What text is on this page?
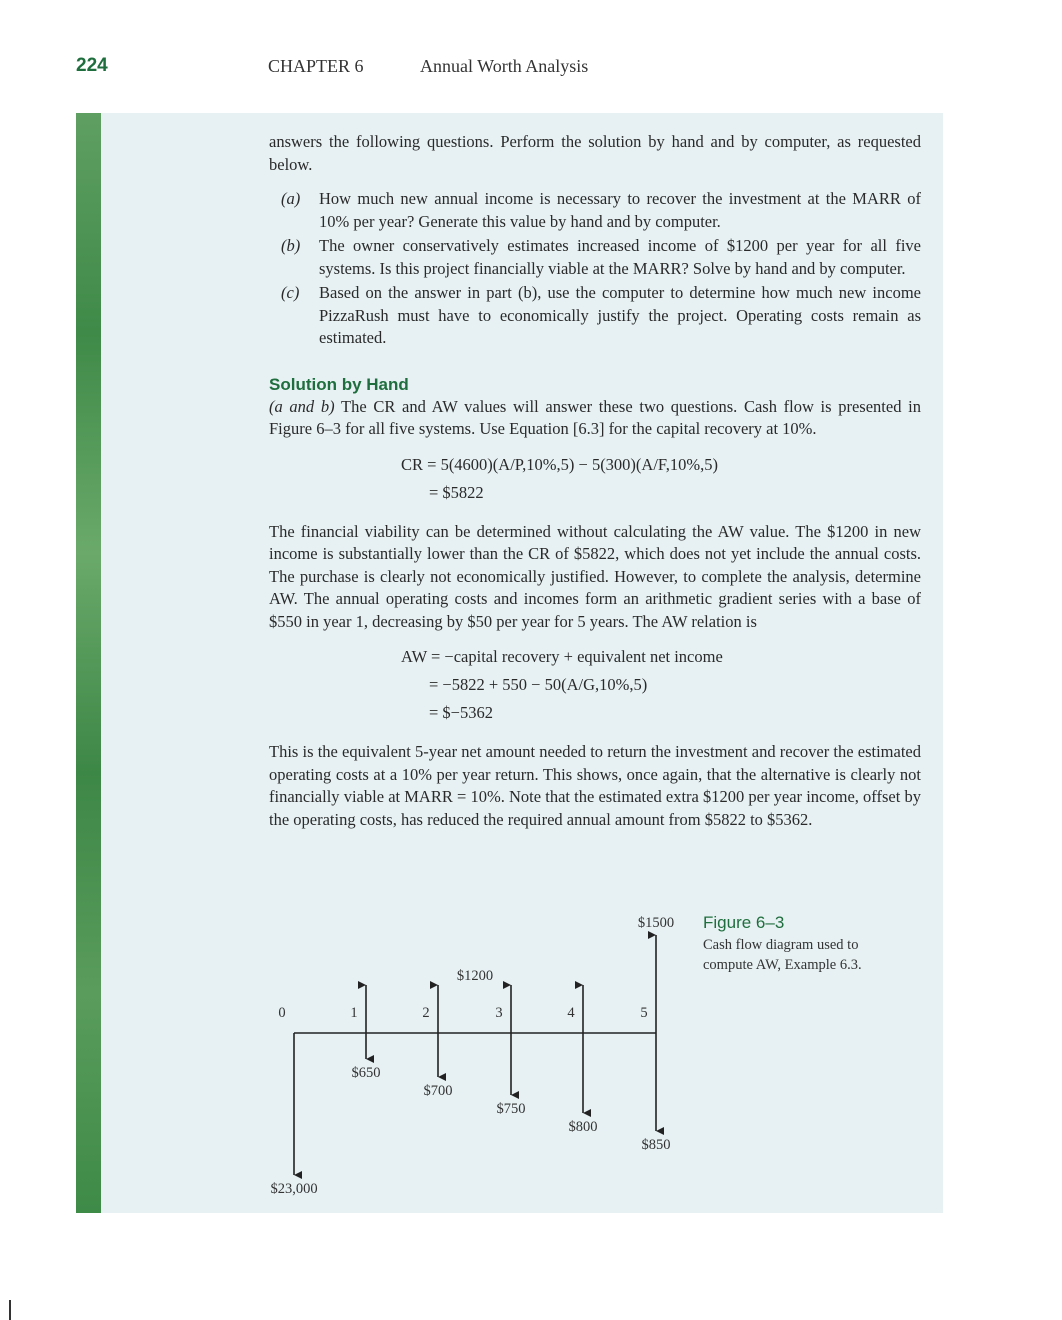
224	CHAPTER 6	Annual Worth Analysis

answers the following questions. Perform the solution by hand and by computer, as requested below.

(a)	How much new annual income is necessary to recover the investment at the MARR of 10% per year? Generate this value by hand and by computer.
(b)	The owner conservatively estimates increased income of $1200 per year for all five systems. Is this project financially viable at the MARR? Solve by hand and by computer.
(c)	Based on the answer in part (b), use the computer to determine how much new income PizzaRush must have to economically justify the project. Operating costs remain as estimated.
Solution by Hand

(a and b) The CR and AW values will answer these two questions. Cash flow is presented in Figure 6–3 for all five systems. Use Equation [6.3] for the capital recovery at 10%.

CR = 5(4600)(A/P,10%,5) − 5(300)(A/F,10%,5)
= $5822

The financial viability can be determined without calculating the AW value. The $1200 in new income is substantially lower than the CR of $5822, which does not yet include the annual costs. The purchase is clearly not economically justified. However, to complete the analysis, determine AW. The annual operating costs and incomes form an arithmetic gradient series with a base of $550 in year 1, decreasing by $50 per year for 5 years. The AW relation is

AW = −capital recovery + equivalent net income
= −5822 + 550 − 50(A/G,10%,5)
= $−5362

This is the equivalent 5-year net amount needed to return the investment and recover the estimated operating costs at a 10% per year return. This shows, once again, that the alternative is clearly not financially viable at MARR = 10%. Note that the estimated extra $1200 per year income, offset by the operating costs, has reduced the required annual amount from $5822 to $5362.

Figure 6–3
Cash flow diagram used to compute AW, Example 6.3.
$23,000
$650
$700
$750
$800
$850
$1200
$1500
0	1	2	3	4	5
